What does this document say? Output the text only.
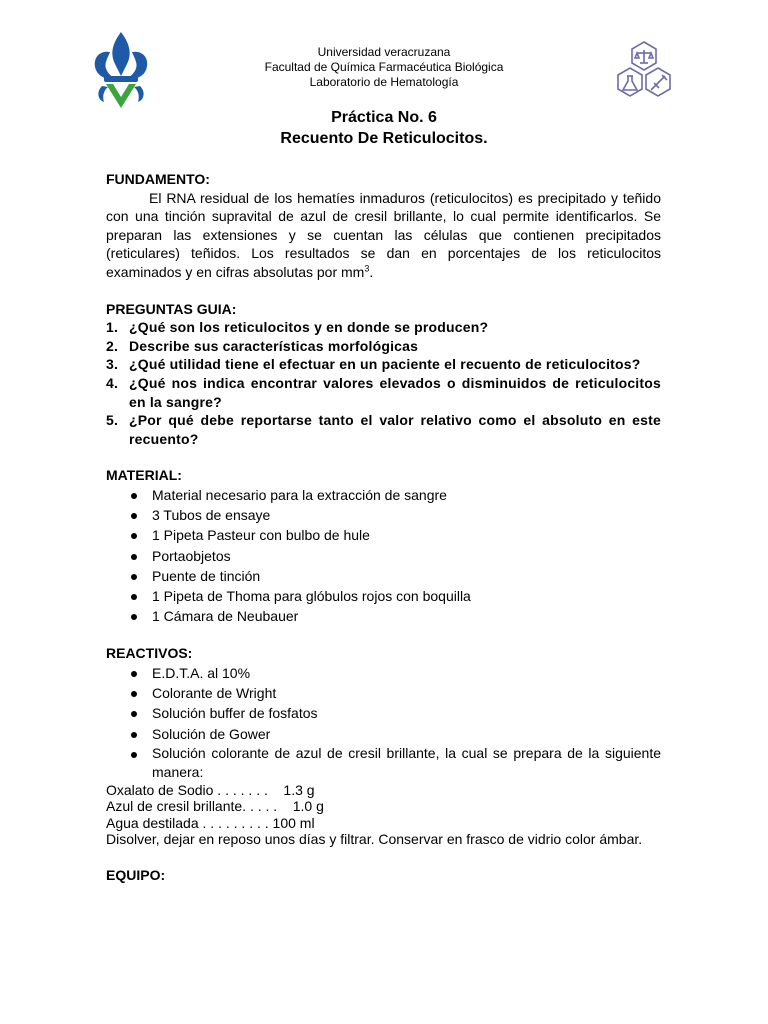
Universidad veracruzana
Facultad de Química Farmacéutica Biológica
Laboratorio de Hematología
Práctica No. 6
Recuento De Reticulocitos.

FUNDAMENTO:

El RNA residual de los hematíes inmaduros (reticulocitos) es precipitado y teñido con una tinción supravital de azul de cresil brillante, lo cual permite identificarlos. Se preparan las extensiones y se cuentan las células que contienen precipitados (reticulares) teñidos. Los resultados se dan en porcentajes de los reticulocitos examinados y en cifras absolutas por $mm^3$.

PREGUNTAS GUIA:

1. ¿Qué son los reticulocitos y en donde se producen?
2. Describe sus características morfológicas
3. ¿Qué utilidad tiene el efectuar en un paciente el recuento de reticulocitos?
4. ¿Qué nos indica encontrar valores elevados o disminuidos de reticulocitos en la sangre?
5. ¿Por qué debe reportarse tanto el valor relativo como el absoluto en este recuento?

MATERIAL:

Material necesario para la extracción de sangre
3 Tubos de ensaye
1 Pipeta Pasteur con bulbo de hule
Portaobjetos
Puente de tinción
1 Pipeta de Thoma para glóbulos rojos con boquilla
1 Cámara de Neubauer

REACTIVOS:

E.D.T.A. al 10%
Colorante de Wright
Solución buffer de fosfatos
Solución de Gower
Solución colorante de azul de cresil brillante, la cual se prepara de la siguiente manera:

Oxalato de Sodio . . . . . . .    1.3 g

Azul de cresil brillante. . . . .    1.0 g

Agua destilada . . . . . . . . . 100 ml

Disolver, dejar en reposo unos días y filtrar. Conservar en frasco de vidrio color ámbar.

EQUIPO:
